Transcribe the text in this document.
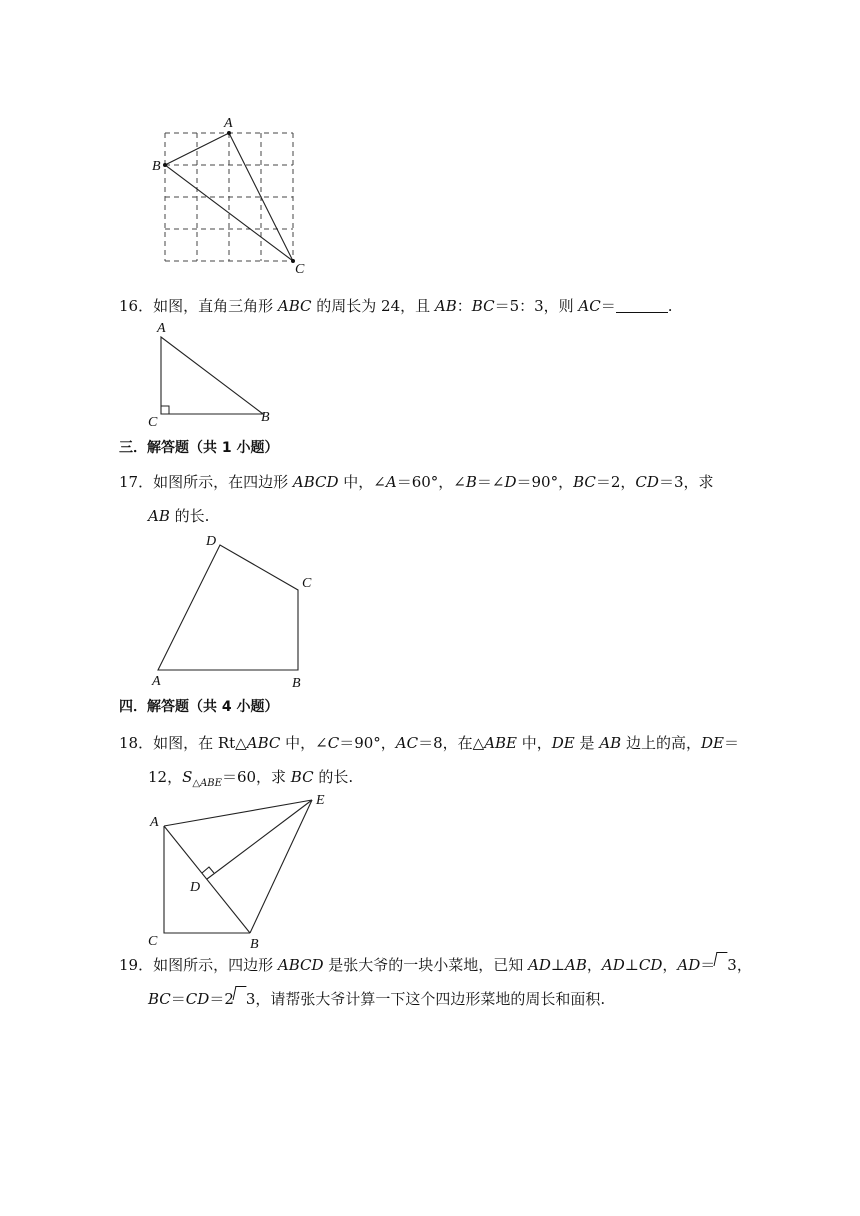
A
B
C
16．如图，直角三角形 ABC 的周长为 24，且 AB：BC＝5：3，则 AC＝	.
A
C	B
三．解答题（共 1 小题）
17．如图所示，在四边形 ABCD 中，∠A＝60°，∠B＝∠D＝90°，BC＝2，CD＝3，求
AB 的长.
A	B
C
D
四．解答题（共 4 小题）
18．如图，在 Rt△ABC 中，∠C＝90°，AC＝8，在△ABE 中，DE 是 AB 边上的高，DE＝
12，$S_{\triangle ABE}=60$，求 BC 的长.
A
C	B
D
E
19．如图所示，四边形 ABCD 是张大爷的一块小菜地，已知 AD⊥AB，AD⊥CD，AD＝ 3，
BC＝CD＝2 3，请帮张大爷计算一下这个四边形菜地的周长和面积.
